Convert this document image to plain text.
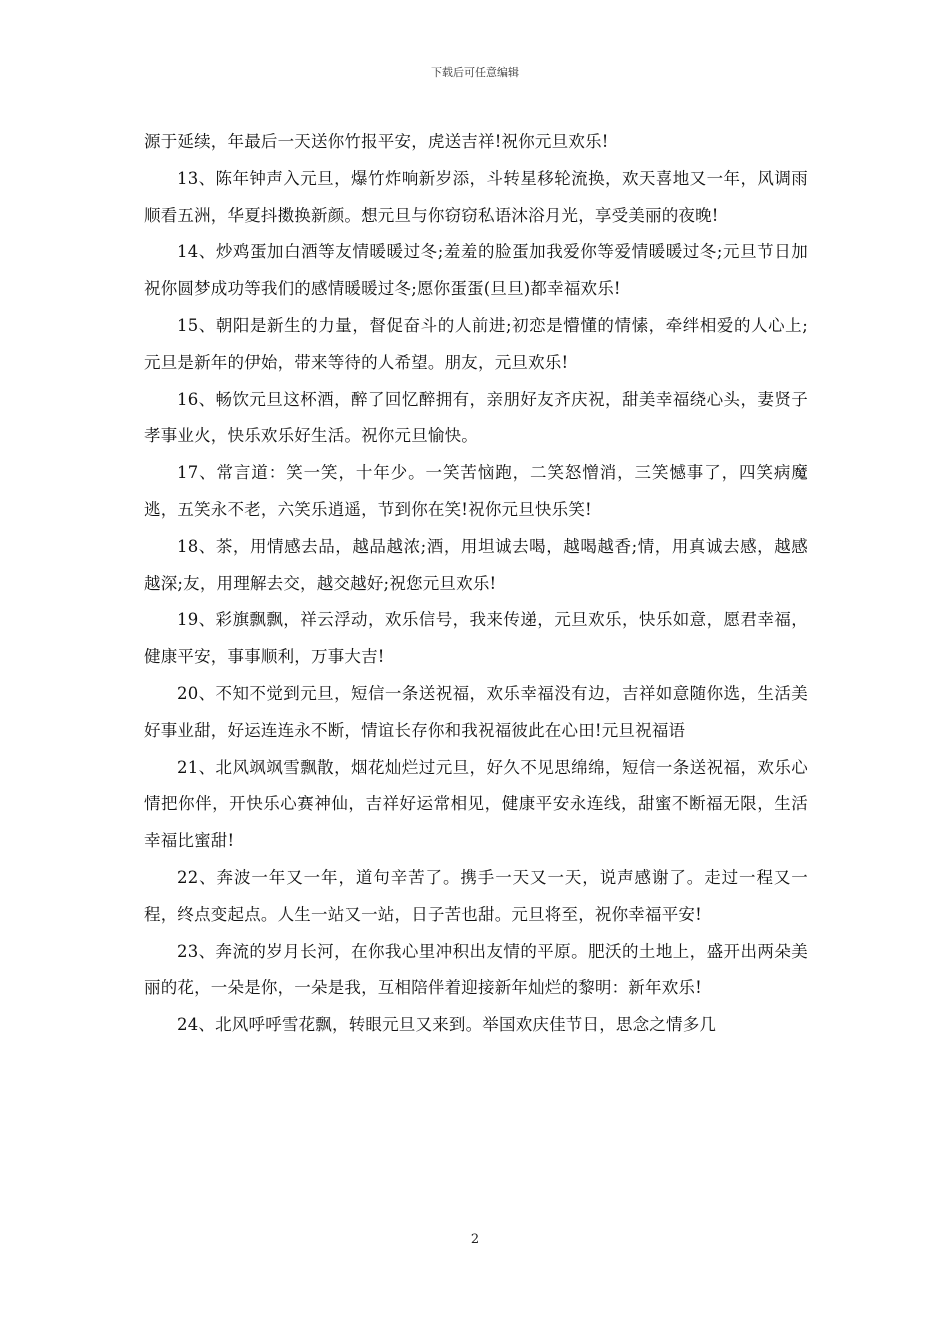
下载后可任意编辑

源于延续，年最后一天送你竹报平安，虎送吉祥!祝你元旦欢乐!

13、陈年钟声入元旦，爆竹炸响新岁添，斗转星移轮流换，欢天喜地又一年，风调雨顺看五洲，华夏抖擞换新颜。想元旦与你窃窃私语沐浴月光，享受美丽的夜晚!

14、炒鸡蛋加白酒等友情暖暖过冬;羞羞的脸蛋加我爱你等爱情暖暖过冬;元旦节日加祝你圆梦成功等我们的感情暖暖过冬;愿你蛋蛋(旦旦)都幸福欢乐!

15、朝阳是新生的力量，督促奋斗的人前进;初恋是懵懂的情愫，牵绊相爱的人心上;元旦是新年的伊始，带来等待的人希望。朋友，元旦欢乐!

16、畅饮元旦这杯酒，醉了回忆醉拥有，亲朋好友齐庆祝，甜美幸福绕心头，妻贤子孝事业火，快乐欢乐好生活。祝你元旦愉快。

17、常言道：笑一笑，十年少。一笑苦恼跑，二笑怒憎消，三笑憾事了，四笑病魔逃，五笑永不老，六笑乐逍遥，节到你在笑!祝你元旦快乐笑!

18、茶，用情感去品，越品越浓;酒，用坦诚去喝，越喝越香;情，用真诚去感，越感越深;友，用理解去交，越交越好;祝您元旦欢乐!

19、彩旗飘飘，祥云浮动，欢乐信号，我来传递，元旦欢乐，快乐如意，愿君幸福，健康平安，事事顺利，万事大吉!

20、不知不觉到元旦，短信一条送祝福，欢乐幸福没有边，吉祥如意随你选，生活美好事业甜，好运连连永不断，情谊长存你和我祝福彼此在心田!元旦祝福语

21、北风飒飒雪飘散，烟花灿烂过元旦，好久不见思绵绵，短信一条送祝福，欢乐心情把你伴，开快乐心赛神仙，吉祥好运常相见，健康平安永连线，甜蜜不断福无限，生活幸福比蜜甜!

22、奔波一年又一年，道句辛苦了。携手一天又一天，说声感谢了。走过一程又一程，终点变起点。人生一站又一站，日子苦也甜。元旦将至，祝你幸福平安!

23、奔流的岁月长河，在你我心里冲积出友情的平原。肥沃的土地上，盛开出两朵美丽的花，一朵是你，一朵是我，互相陪伴着迎接新年灿烂的黎明：新年欢乐!

24、北风呼呼雪花飘，转眼元旦又来到。举国欢庆佳节日，思念之情多几

2
